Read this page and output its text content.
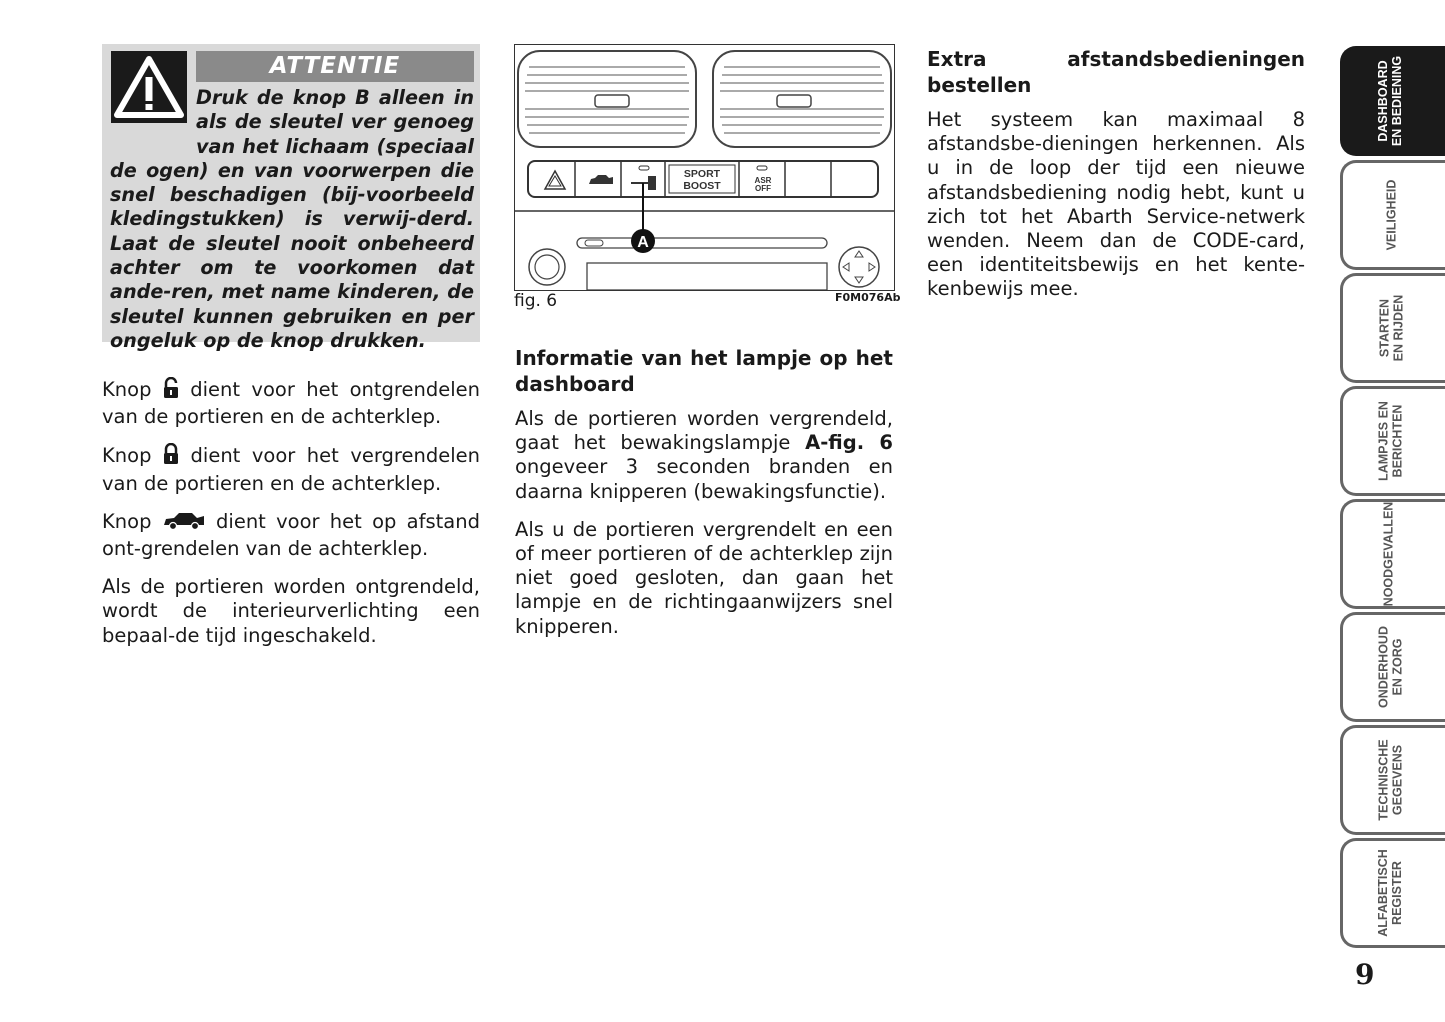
ATTENTIE
Druk de knop B alleen in als de sleutel ver genoeg van het lichaam (speciaal de ogen) en van voorwerpen die snel beschadigen (bij-voorbeeld kledingstukken) is verwij-derd. Laat de sleutel nooit onbeheerd achter om te voorkomen dat ande-ren, met name kinderen, de sleutel kunnen gebruiken en per ongeluk op de knop drukken.

Knop dient voor het ontgrendelen van de portieren en de achterklep.

Knop dient voor het vergrendelen van de portieren en de achterklep.

Knop	dient voor het op afstand ont-grendelen van de achterklep.

Als de portieren worden ontgrendeld, wordt de interieurverlichting een bepaal-de tijd ingeschakeld.

SPORT
BOOST	ASR
OFF
A
fig. 6	F0M076Ab
Informatie van het lampje op het dashboard

Als de portieren worden vergrendeld, gaat het bewakingslampje A-fig. 6 ongeveer 3 seconden branden en daarna knipperen (bewakingsfunctie).

Als u de portieren vergrendelt en een of meer portieren of de achterklep zijn niet goed gesloten, dan gaan het lampje en de richtingaanwijzers snel knipperen.

Extra afstandsbedieningen bestellen

Het systeem kan maximaal 8 afstandsbe-dieningen herkennen. Als u in de loop der tijd een nieuwe afstandsbediening nodig hebt, kunt u zich tot het Abarth Service-netwerk wenden. Neem dan de CODE-card, een identiteitsbewijs en het kente-kenbewijs mee.

DASHBOARD
EN BEDIENING
VEILIGHEID
STARTEN
EN RIJDEN
LAMPJES EN
BERICHTEN
NOODGEVALLEN
ONDERHOUD
EN ZORG
TECHNISCHE
GEGEVENS
ALFABETISCH
REGISTER
9
